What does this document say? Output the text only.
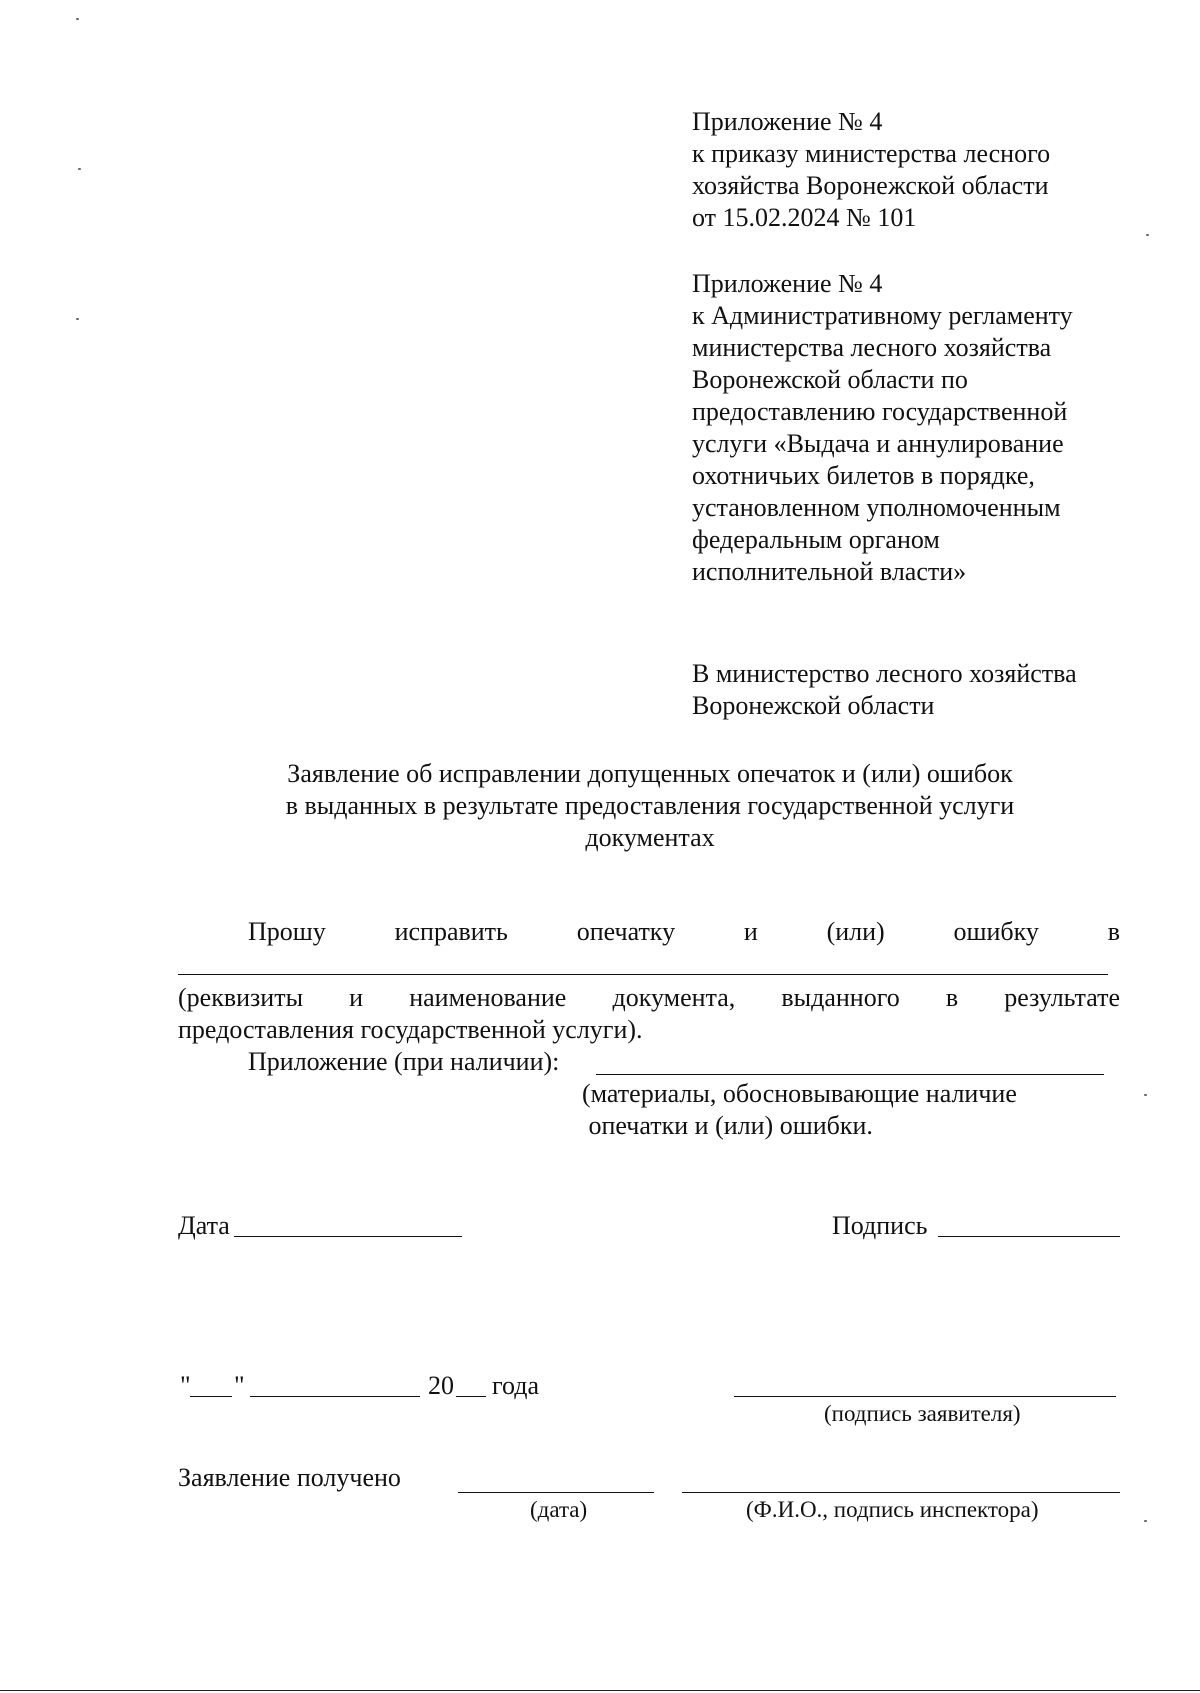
Приложение № 4
к приказу министерства лесного
хозяйства Воронежской области
от 15.02.2024 № 101
Приложение № 4
к Административному регламенту
министерства лесного хозяйства
Воронежской области по
предоставлению государственной
услуги «Выдача и аннулирование
охотничьих билетов в порядке,
установленном уполномоченным
федеральным органом
исполнительной власти»
В министерство лесного хозяйства
Воронежской области
Заявление об исправлении допущенных опечаток и (или) ошибок
в выданных в результате предоставления государственной услуги
документах
Прошу	исправить	опечатку	и	(или)	ошибку	в
(реквизиты и наименование документа, выданного в результате
предоставления государственной услуги).
Приложение (при наличии):
(материалы, обосновывающие наличие
опечатки и (или) ошибки.
Дата	Подпись
" "	20 года
(подпись заявителя)
Заявление получено
(дата)	(Ф.И.О., подпись инспектора)
